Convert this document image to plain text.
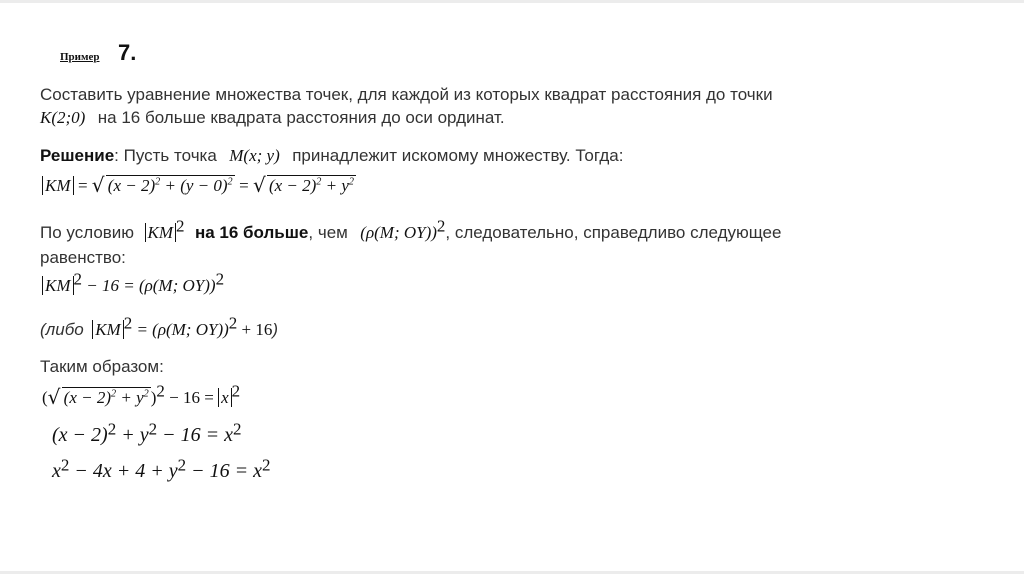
Пример 7.
Составить уравнение множества точек, для каждой из которых квадрат расстояния до точки
K(2;0) на 16 больше квадрата расстояния до оси ординат.
Решение: Пусть точка M(x; y) принадлежит искомому множеству. Тогда:
KM = √ $(x - 2)^2 + (y - 0)^2$ = √ $(x - 2)^2 + y^2$
По условию KM $^2$ на 16 больше, чем (ρ(M; OY))$^2$, следовательно, справедливо следующее
равенство:
KM $^2$ − 16 = (ρ(M; OY))$^2$
(либо KM $^2$ = (ρ(M; OY))$^2$ + 16)
Таким образом:
(√ $(x - 2)^2 + y^2$ )$^2$ − 16 = x $^2$
$(x - 2)^2 + y^2 - 16 = x^2$
$x^2 - 4x + 4 + y^2 - 16 = x^2$
